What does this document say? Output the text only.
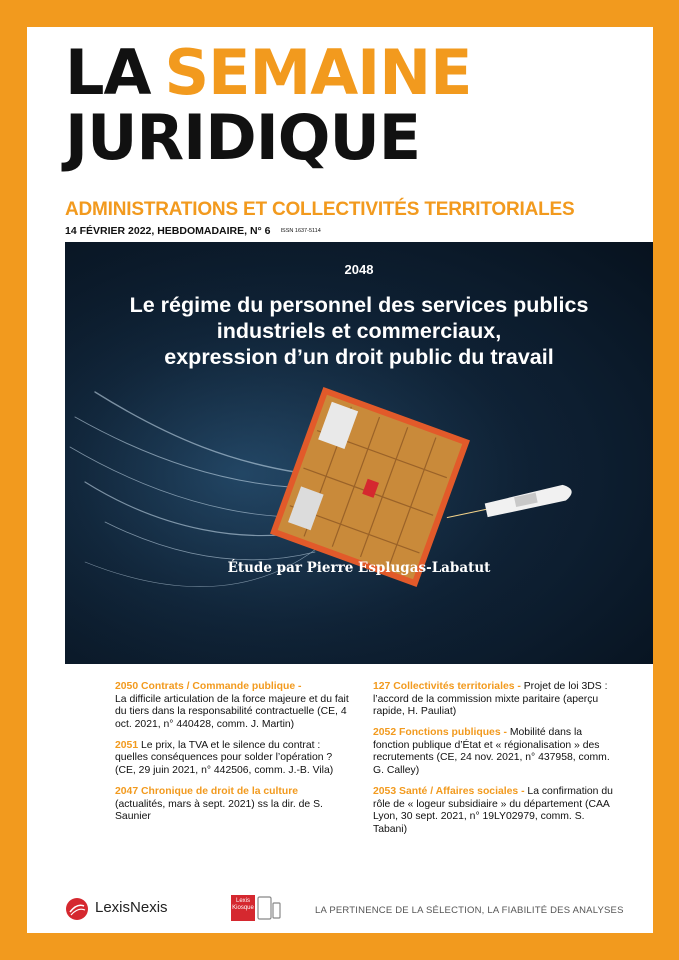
LA SEMAINE
JURIDIQUE
ADMINISTRATIONS ET COLLECTIVITÉS TERRITORIALES
14 FÉVRIER 2022, HEBDOMADAIRE, N° 6 ISSN 1637-5114
2048
Le régime du personnel des services publics
industriels et commerciaux,
expression d’un droit public du travail
Étude par Pierre Esplugas-Labatut
2050 Contrats / Commande publique -
La difficile articulation de la force majeure et du fait du tiers dans la responsabilité contractuelle (CE, 4 oct. 2021, n° 440428, comm. J. Martin)
2051 Le prix, la TVA et le silence du contrat : quelles conséquences pour solder l’opération ? (CE, 29 juin 2021, n° 442506, comm. J.-B. Vila)
2047 Chronique de droit de la culture
(actualités, mars à sept. 2021) ss la dir. de S. Saunier
127 Collectivités territoriales - Projet de loi 3DS : l’accord de la commission mixte paritaire (aperçu rapide, H. Pauliat)
2052 Fonctions publiques - Mobilité dans la fonction publique d’État et « régionalisation » des recrutements (CE, 24 nov. 2021, n° 437958, comm. G. Calley)
2053 Santé / Affaires sociales - La confirmation du rôle de « logeur subsidiaire » du département (CAA Lyon, 30 sept. 2021, n° 19LY02979, comm. S. Tabani)
LexisNexis	Lexis
Kiosque	LA PERTINENCE DE LA SÉLECTION, LA FIABILITÉ DES ANALYSES
